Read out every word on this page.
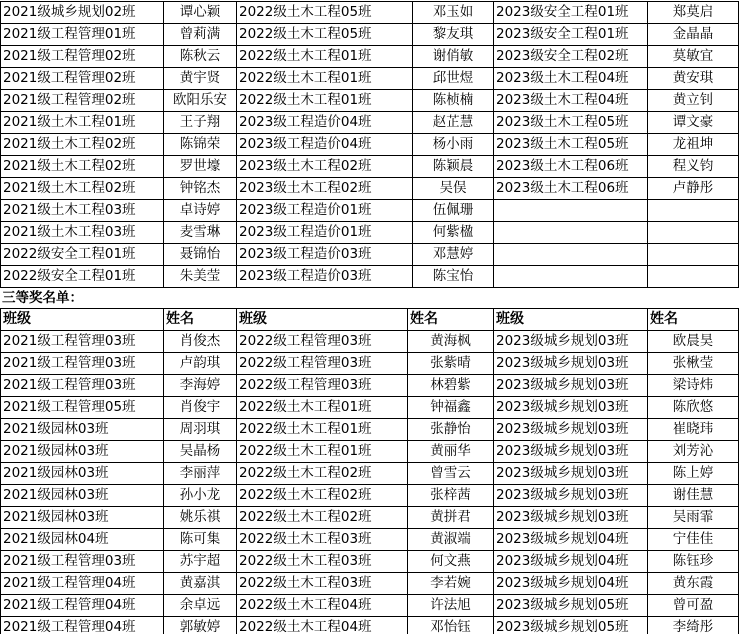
2021级城乡规划02班	谭心颖	2022级土木工程05班	邓玉如	2023级安全工程01班	郑莫启
2021级工程管理01班	曾莉满	2022级土木工程05班	黎友琪	2023级安全工程01班	金晶晶
2021级工程管理02班	陈秋云	2022级土木工程01班	谢俏敏	2023级安全工程02班	莫敏宜
2021级工程管理02班	黄宇贤	2022级土木工程01班	邱世煜	2023级土木工程04班	黄安琪
2021级工程管理02班	欧阳乐安	2022级土木工程01班	陈桢楠	2023级土木工程04班	黄立钊
2021级土木工程01班	王子翔	2023级工程造价04班	赵芷慧	2023级土木工程05班	谭文豪
2021级土木工程02班	陈锦荣	2023级工程造价04班	杨小雨	2023级土木工程05班	龙祖坤
2021级土木工程02班	罗世壕	2023级土木工程02班	陈颖晨	2023级土木工程06班	程义钧
2021级土木工程02班	钟铭杰	2023级土木工程02班	吴俣	2023级土木工程06班	卢静彤
2021级土木工程03班	卓诗婷	2023级工程造价01班	伍佩珊		
2021级土木工程03班	麦雪琳	2023级工程造价01班	何紫楹		
2022级安全工程01班	聂锦怡	2023级工程造价03班	邓慧婷		
2022级安全工程01班	朱美莹	2023级工程造价03班	陈宝怡		
三等奖名单：
班级	姓名	班级	姓名	班级	姓名
2021级工程管理03班	肖俊杰	2022级工程管理03班	黄海枫	2023级城乡规划03班	欧晨昊
2021级工程管理03班	卢韵琪	2022级工程管理03班	张紫晴	2023级城乡规划03班	张楸莹
2021级工程管理03班	李海婷	2022级工程管理03班	林碧紫	2023级城乡规划03班	梁诗炜
2021级工程管理05班	肖俊宇	2022级土木工程01班	钟福鑫	2023级城乡规划03班	陈欣悠
2021级园林03班	周羽琪	2022级土木工程01班	张静怡	2023级城乡规划03班	崔晓玮
2021级园林03班	吴晶杨	2022级土木工程01班	黄丽华	2023级城乡规划03班	刘芳沁
2021级园林03班	李丽萍	2022级土木工程02班	曾雪云	2023级城乡规划03班	陈上婷
2021级园林03班	孙小龙	2022级土木工程02班	张梓茜	2023级城乡规划03班	谢佳慧
2021级园林03班	姚乐祺	2022级土木工程02班	黄拼君	2023级城乡规划03班	吴雨霏
2021级园林04班	陈可集	2022级土木工程03班	黄淑端	2023级城乡规划04班	宁佳佳
2021级工程管理03班	苏宇超	2022级土木工程03班	何文燕	2023级城乡规划04班	陈钰珍
2021级工程管理04班	黄嘉淇	2022级土木工程03班	李若婉	2023级城乡规划04班	黄东霞
2021级工程管理04班	余卓远	2022级土木工程04班	许法旭	2023级城乡规划05班	曾可盈
2021级工程管理04班	郭敏婷	2022级土木工程04班	邓怡钰	2023级城乡规划05班	李绮彤
